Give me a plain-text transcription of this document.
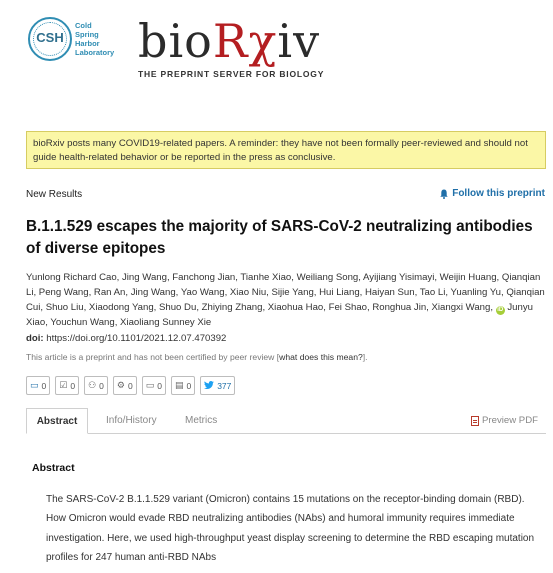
CSH
Cold
Spring
Harbor
Laboratory bioRχiv
THE PREPRINT SERVER FOR BIOLOGY
bioRxiv posts many COVID19-related papers. A reminder: they have not been formally peer-reviewed and should not guide health-related behavior or be reported in the press as conclusive.
New Results	Follow this preprint
B.1.1.529 escapes the majority of SARS-CoV-2 neutralizing antibodies of diverse epitopes
Yunlong Richard Cao, Jing Wang, Fanchong Jian, Tianhe Xiao, Weiliang Song, Ayijiang Yisimayi, Weijin Huang, Qianqian Li, Peng Wang, Ran An, Jing Wang, Yao Wang, Xiao Niu, Sijie Yang, Hui Liang, Haiyan Sun, Tao Li, Yuanling Yu, Qianqian Cui, Shuo Liu, Xiaodong Yang, Shuo Du, Zhiying Zhang, Xiaohua Hao, Fei Shao, Ronghua Jin, Xiangxi Wang, iD Junyu Xiao, Youchun Wang, Xiaoliang Sunney Xie
doi: https://doi.org/10.1101/2021.12.07.470392
This article is a preprint and has not been certified by peer review [what does this mean?].
▭ 0 ☑ 0 ⚇ 0 ⚙ 0 ▭ 0 ▤ 0	377
Abstract	Info/History	Metrics	Preview PDF
Abstract
The SARS-CoV-2 B.1.1.529 variant (Omicron) contains 15 mutations on the receptor-binding domain (RBD). How Omicron would evade RBD neutralizing antibodies (NAbs) and humoral immunity requires immediate investigation. Here, we used high-throughput yeast display screening to determine the RBD escaping mutation profiles for 247 human anti-RBD NAbs
